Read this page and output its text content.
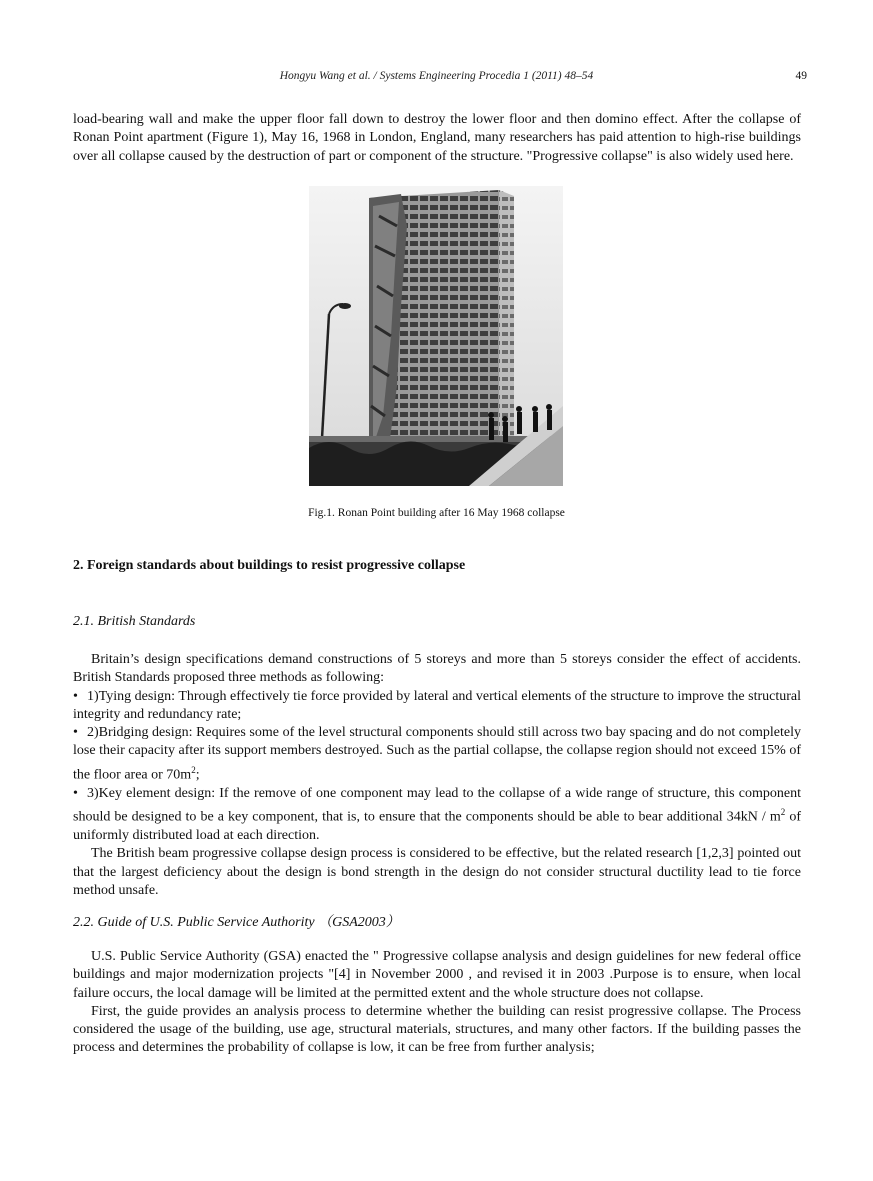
Hongyu Wang et al. / Systems Engineering Procedia 1 (2011) 48–54	49

load-bearing wall and make the upper floor fall down to destroy the lower floor and then domino effect. After the collapse of Ronan Point apartment (Figure 1), May 16, 1968 in London, England, many researchers has paid attention to high-rise buildings over all collapse caused by the destruction of part or component of the structure. "Progressive collapse" is also widely used here.

Fig.1. Ronan Point building after 16 May 1968 collapse
2. Foreign standards about buildings to resist progressive collapse
2.1. British Standards

Britain’s design specifications demand constructions of 5 storeys and more than 5 storeys consider the effect of accidents. British Standards proposed three methods as following:

• 1)Tying design: Through effectively tie force provided by lateral and vertical elements of the structure to improve the structural integrity and redundancy rate;

• 2)Bridging design: Requires some of the level structural components should still across two bay spacing and do not completely lose their capacity after its support members destroyed. Such as the partial collapse, the collapse region should not exceed 15% of the floor area or $70m^2$;

• 3)Key element design: If the remove of one component may lead to the collapse of a wide range of structure, this component should be designed to be a key component, that is, to ensure that the components should be able to bear additional $34kN / m^2$ of uniformly distributed load at each direction.

The British beam progressive collapse design process is considered to be effective, but the related research [1,2,3] pointed out that the largest deficiency about the design is bond strength in the design do not consider structural ductility lead to tie force method unsafe.

2.2. Guide of U.S. Public Service Authority （GSA2003）

U.S. Public Service Authority (GSA) enacted the " Progressive collapse analysis and design guidelines for new federal office buildings and major modernization projects "[4] in November 2000 , and revised it in 2003 .Purpose is to ensure, when local failure occurs, the local damage will be limited at the permitted extent and the whole structure does not collapse.

First, the guide provides an analysis process to determine whether the building can resist progressive collapse. The Process considered the usage of the building, use age, structural materials, structures, and many other factors. If the building passes the process and determines the probability of collapse is low, it can be free from further analysis;
